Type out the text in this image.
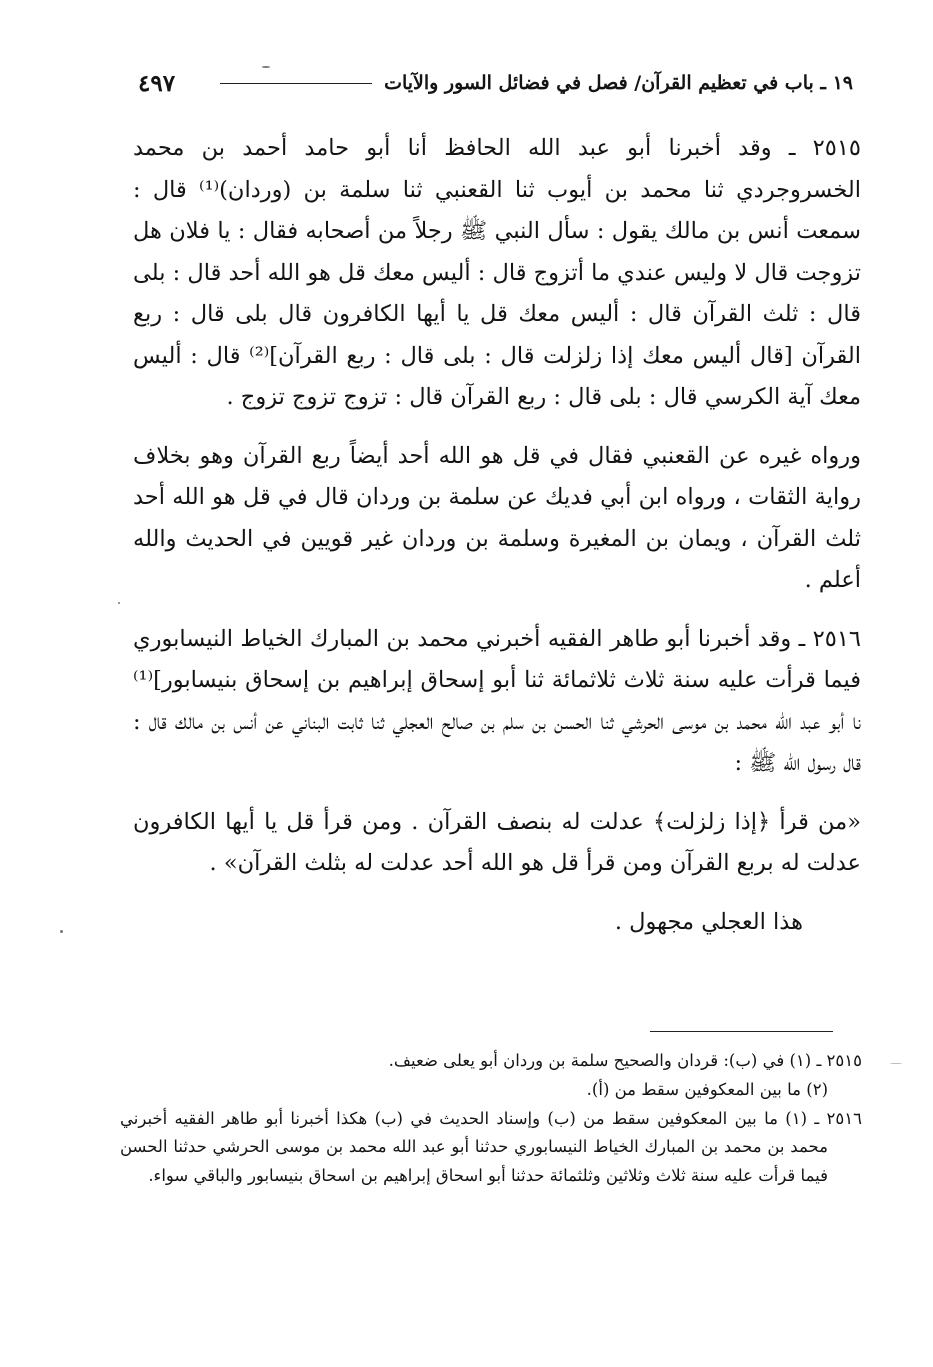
٤٩٧	١٩ ـ باب في تعظيم القرآن/ فصل في فضائل السور والآيات

٢٥١٥ ـ وقد أخبرنا أبو عبد الله الحافظ أنا أبو حامد أحمد بن محمد الخسروجردي ثنا محمد بن أيوب ثنا القعنبي ثنا سلمة بن (وردان)⁽¹⁾ قال : سمعت أنس بن مالك يقول : سأل النبي ﷺ رجلاً من أصحابه فقال : يا فلان هل تزوجت قال لا وليس عندي ما أتزوج قال : أليس معك قل هو الله أحد قال : بلى قال : ثلث القرآن قال : أليس معك قل يا أيها الكافرون قال بلى قال : ربع القرآن [قال أليس معك إذا زلزلت قال : بلى قال : ربع القرآن]⁽²⁾ قال : أليس معك آية الكرسي قال : بلى قال : ربع القرآن قال : تزوج تزوج تزوج .

ورواه غيره عن القعنبي فقال في قل هو الله أحد أيضاً ربع القرآن وهو بخلاف رواية الثقات ، ورواه ابن أبي فديك عن سلمة بن وردان قال في قل هو الله أحد ثلث القرآن ، ويمان بن المغيرة وسلمة بن وردان غير قويين في الحديث والله أعلم .

٢٥١٦ ـ وقد أخبرنا أبو طاهر الفقيه أخبرني محمد بن المبارك الخياط النيسابوري فيما قرأت عليه سنة ثلاث ثلاثمائة ثنا أبو إسحاق إبراهيم بن إسحاق بنيسابور]⁽¹⁾ نا أبو عبد الله محمد بن موسى الحرشي ثنا الحسن بن سلم بن صالح العجلي ثنا ثابت البناني عن أنس بن مالك قال : قال رسول الله ﷺ :

«من قرأ ﴿إذا زلزلت﴾ عدلت له بنصف القرآن . ومن قرأ قل يا أيها الكافرون عدلت له بربع القرآن ومن قرأ قل هو الله أحد عدلت له بثلث القرآن» .

هذا العجلي مجهول .

٢٥١٥ ـ (١) في (ب): قردان والصحيح سلمة بن وردان أبو يعلى ضعيف.

(٢) ما بين المعكوفين سقط من (أ).

٢٥١٦ ـ (١) ما بين المعكوفين سقط من (ب) وإسناد الحديث في (ب) هكذا أخبرنا أبو طاهر الفقيه أخبرني محمد بن محمد بن المبارك الخياط النيسابوري حدثنا أبو عبد الله محمد بن موسى الحرشي حدثنا الحسن فيما قرأت عليه سنة ثلاث وثلاثين وثلثمائة حدثنا أبو اسحاق إبراهيم بن اسحاق بنيسابور والباقي سواء.
